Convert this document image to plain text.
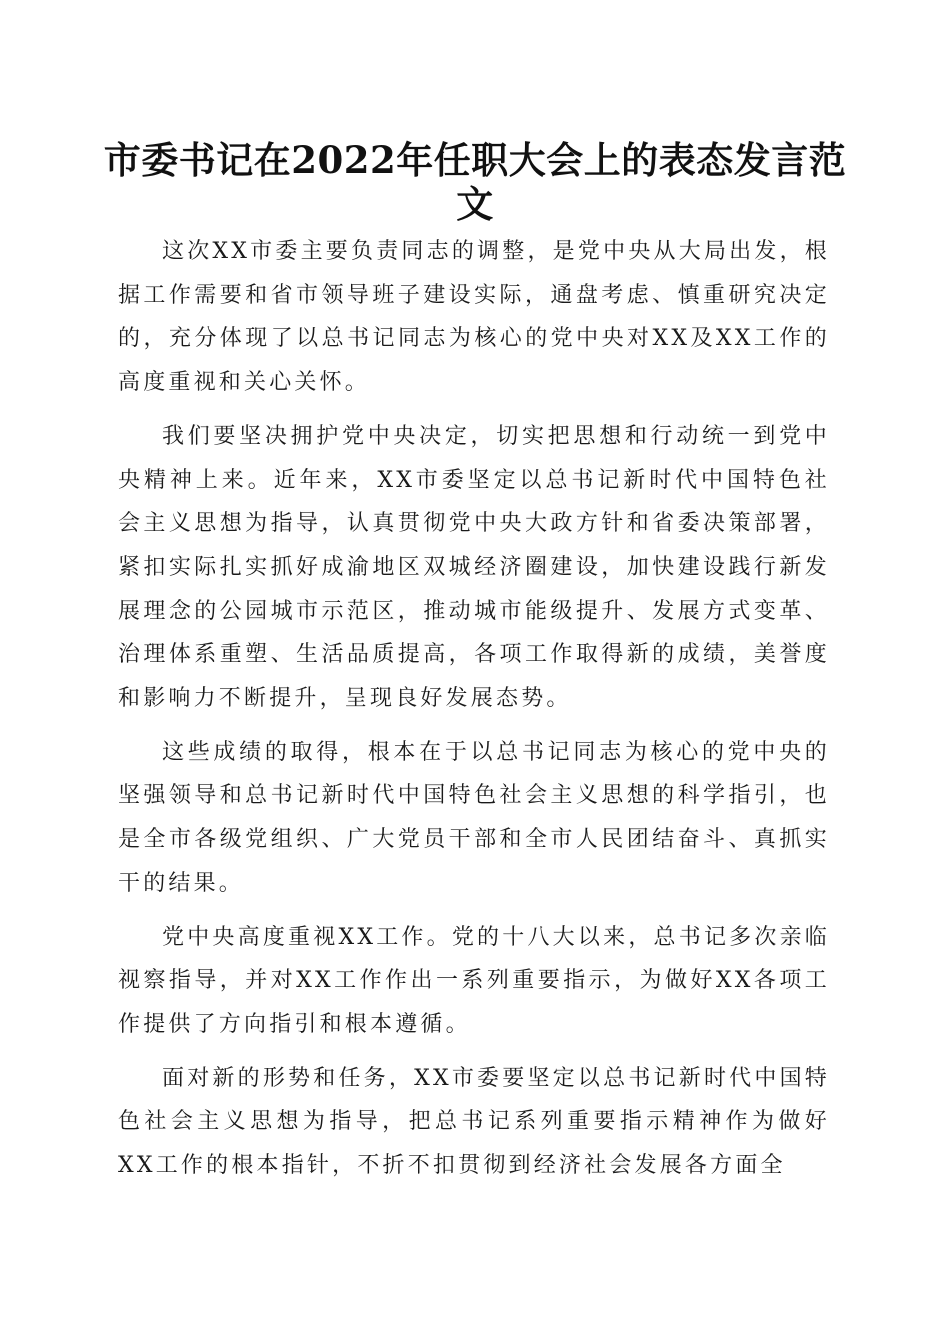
市委书记在2022年任职大会上的表态发言范文

这次XX市委主要负责同志的调整，是党中央从大局出发，根据工作需要和省市领导班子建设实际，通盘考虑、慎重研究决定的，充分体现了以总书记同志为核心的党中央对XX及XX工作的高度重视和关心关怀。

我们要坚决拥护党中央决定，切实把思想和行动统一到党中央精神上来。近年来，XX市委坚定以总书记新时代中国特色社会主义思想为指导，认真贯彻党中央大政方针和省委决策部署，紧扣实际扎实抓好成渝地区双城经济圈建设，加快建设践行新发展理念的公园城市示范区，推动城市能级提升、发展方式变革、治理体系重塑、生活品质提高，各项工作取得新的成绩，美誉度和影响力不断提升，呈现良好发展态势。

这些成绩的取得，根本在于以总书记同志为核心的党中央的坚强领导和总书记新时代中国特色社会主义思想的科学指引，也是全市各级党组织、广大党员干部和全市人民团结奋斗、真抓实干的结果。

党中央高度重视XX工作。党的十八大以来，总书记多次亲临视察指导，并对XX工作作出一系列重要指示，为做好XX各项工作提供了方向指引和根本遵循。

面对新的形势和任务，XX市委要坚定以总书记新时代中国特色社会主义思想为指导，把总书记系列重要指示精神作为做好XX工作的根本指针，不折不扣贯彻到经济社会发展各方面全
